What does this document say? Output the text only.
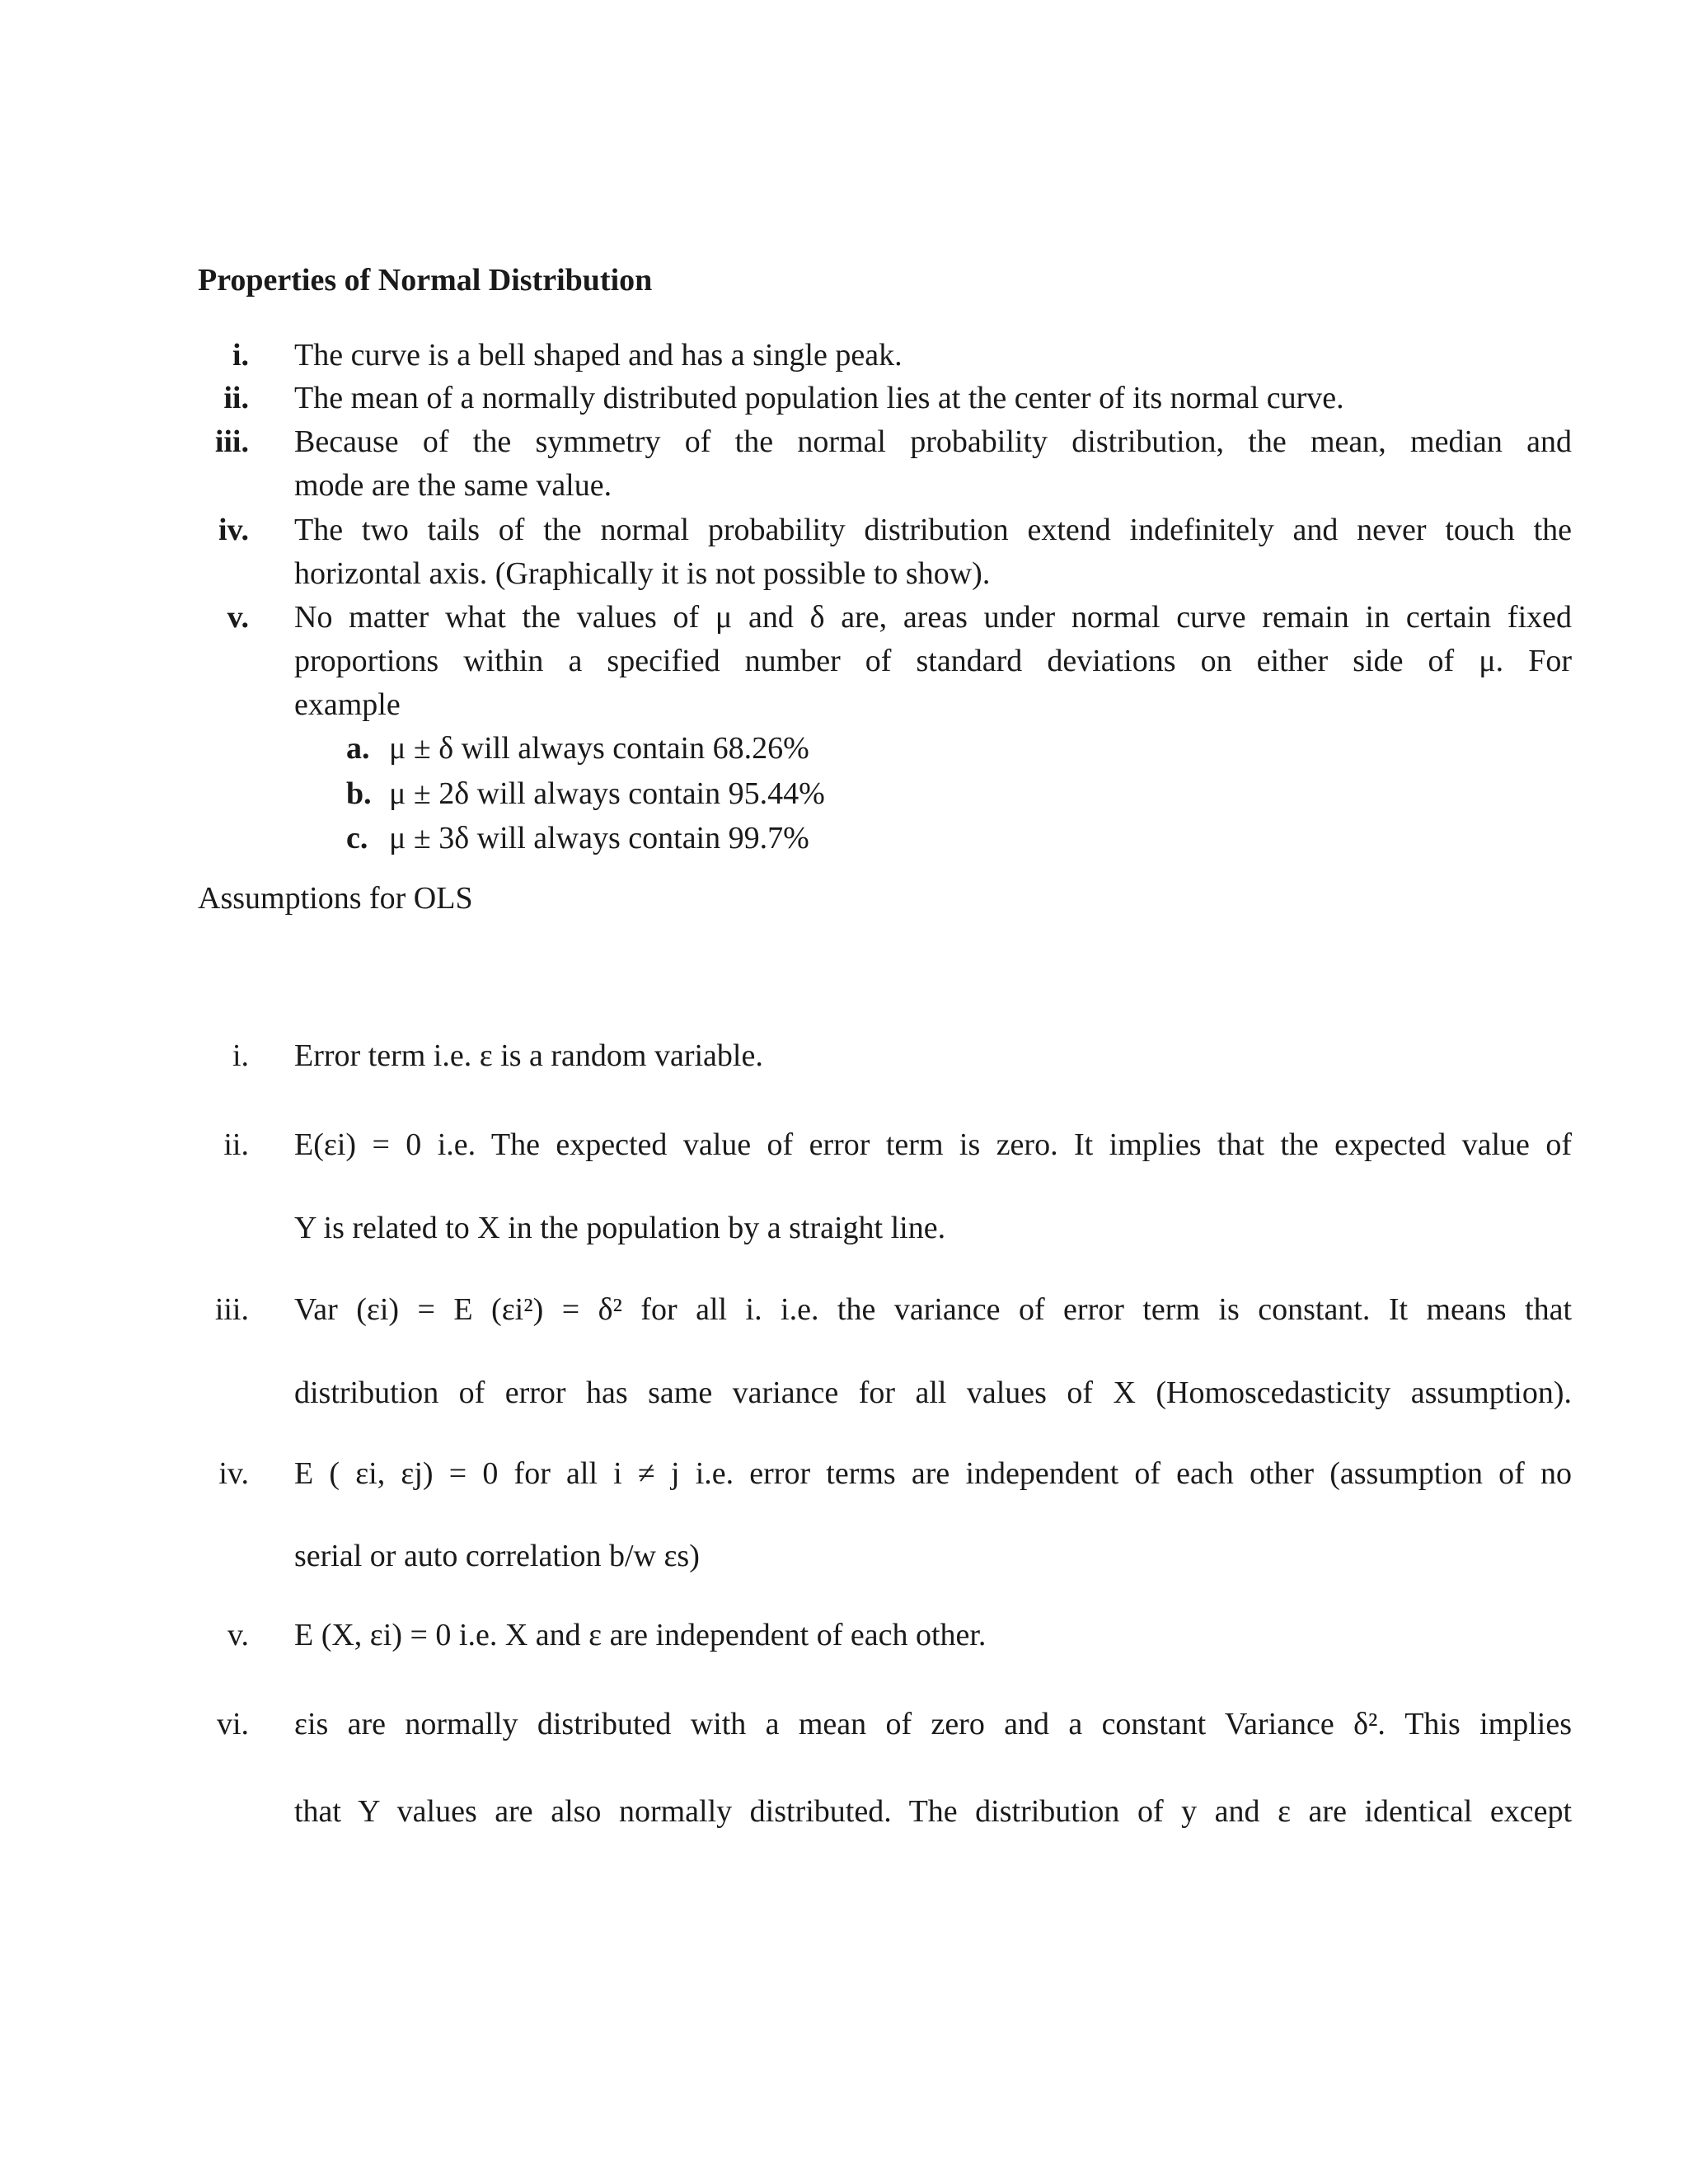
Properties of Normal Distribution
i. The curve is a bell shaped and has a single peak.
ii. The mean of a normally distributed population lies at the center of its normal curve.
iii. Because of the symmetry of the normal probability distribution, the mean, median and
mode are the same value.
iv. The two tails of the normal probability distribution extend indefinitely and never touch the
horizontal axis. (Graphically it is not possible to show).
v. No matter what the values of μ and δ are, areas under normal curve remain in certain fixed
proportions within a specified number of standard deviations on either side of μ. For
example
a. μ ± δ will always contain 68.26%
b. μ ± 2δ will always contain 95.44%
c. μ ± 3δ will always contain 99.7%
Assumptions for OLS
i. Error term i.e. ε is a random variable.
ii. E(εi) = 0 i.e. The expected value of error term is zero. It implies that the expected value of
Y is related to X in the population by a straight line.
iii. Var (εi) = E (εi²) = δ² for all i. i.e. the variance of error term is constant. It means that
distribution of error has same variance for all values of X (Homoscedasticity assumption).
iv. E ( εi, εj) = 0 for all i ≠ j i.e. error terms are independent of each other (assumption of no
serial or auto correlation b/w εs)
v. E (X, εi) = 0 i.e. X and ε are independent of each other.
vi. εis are normally distributed with a mean of zero and a constant Variance δ². This implies
that Y values are also normally distributed. The distribution of y and ε are identical except
